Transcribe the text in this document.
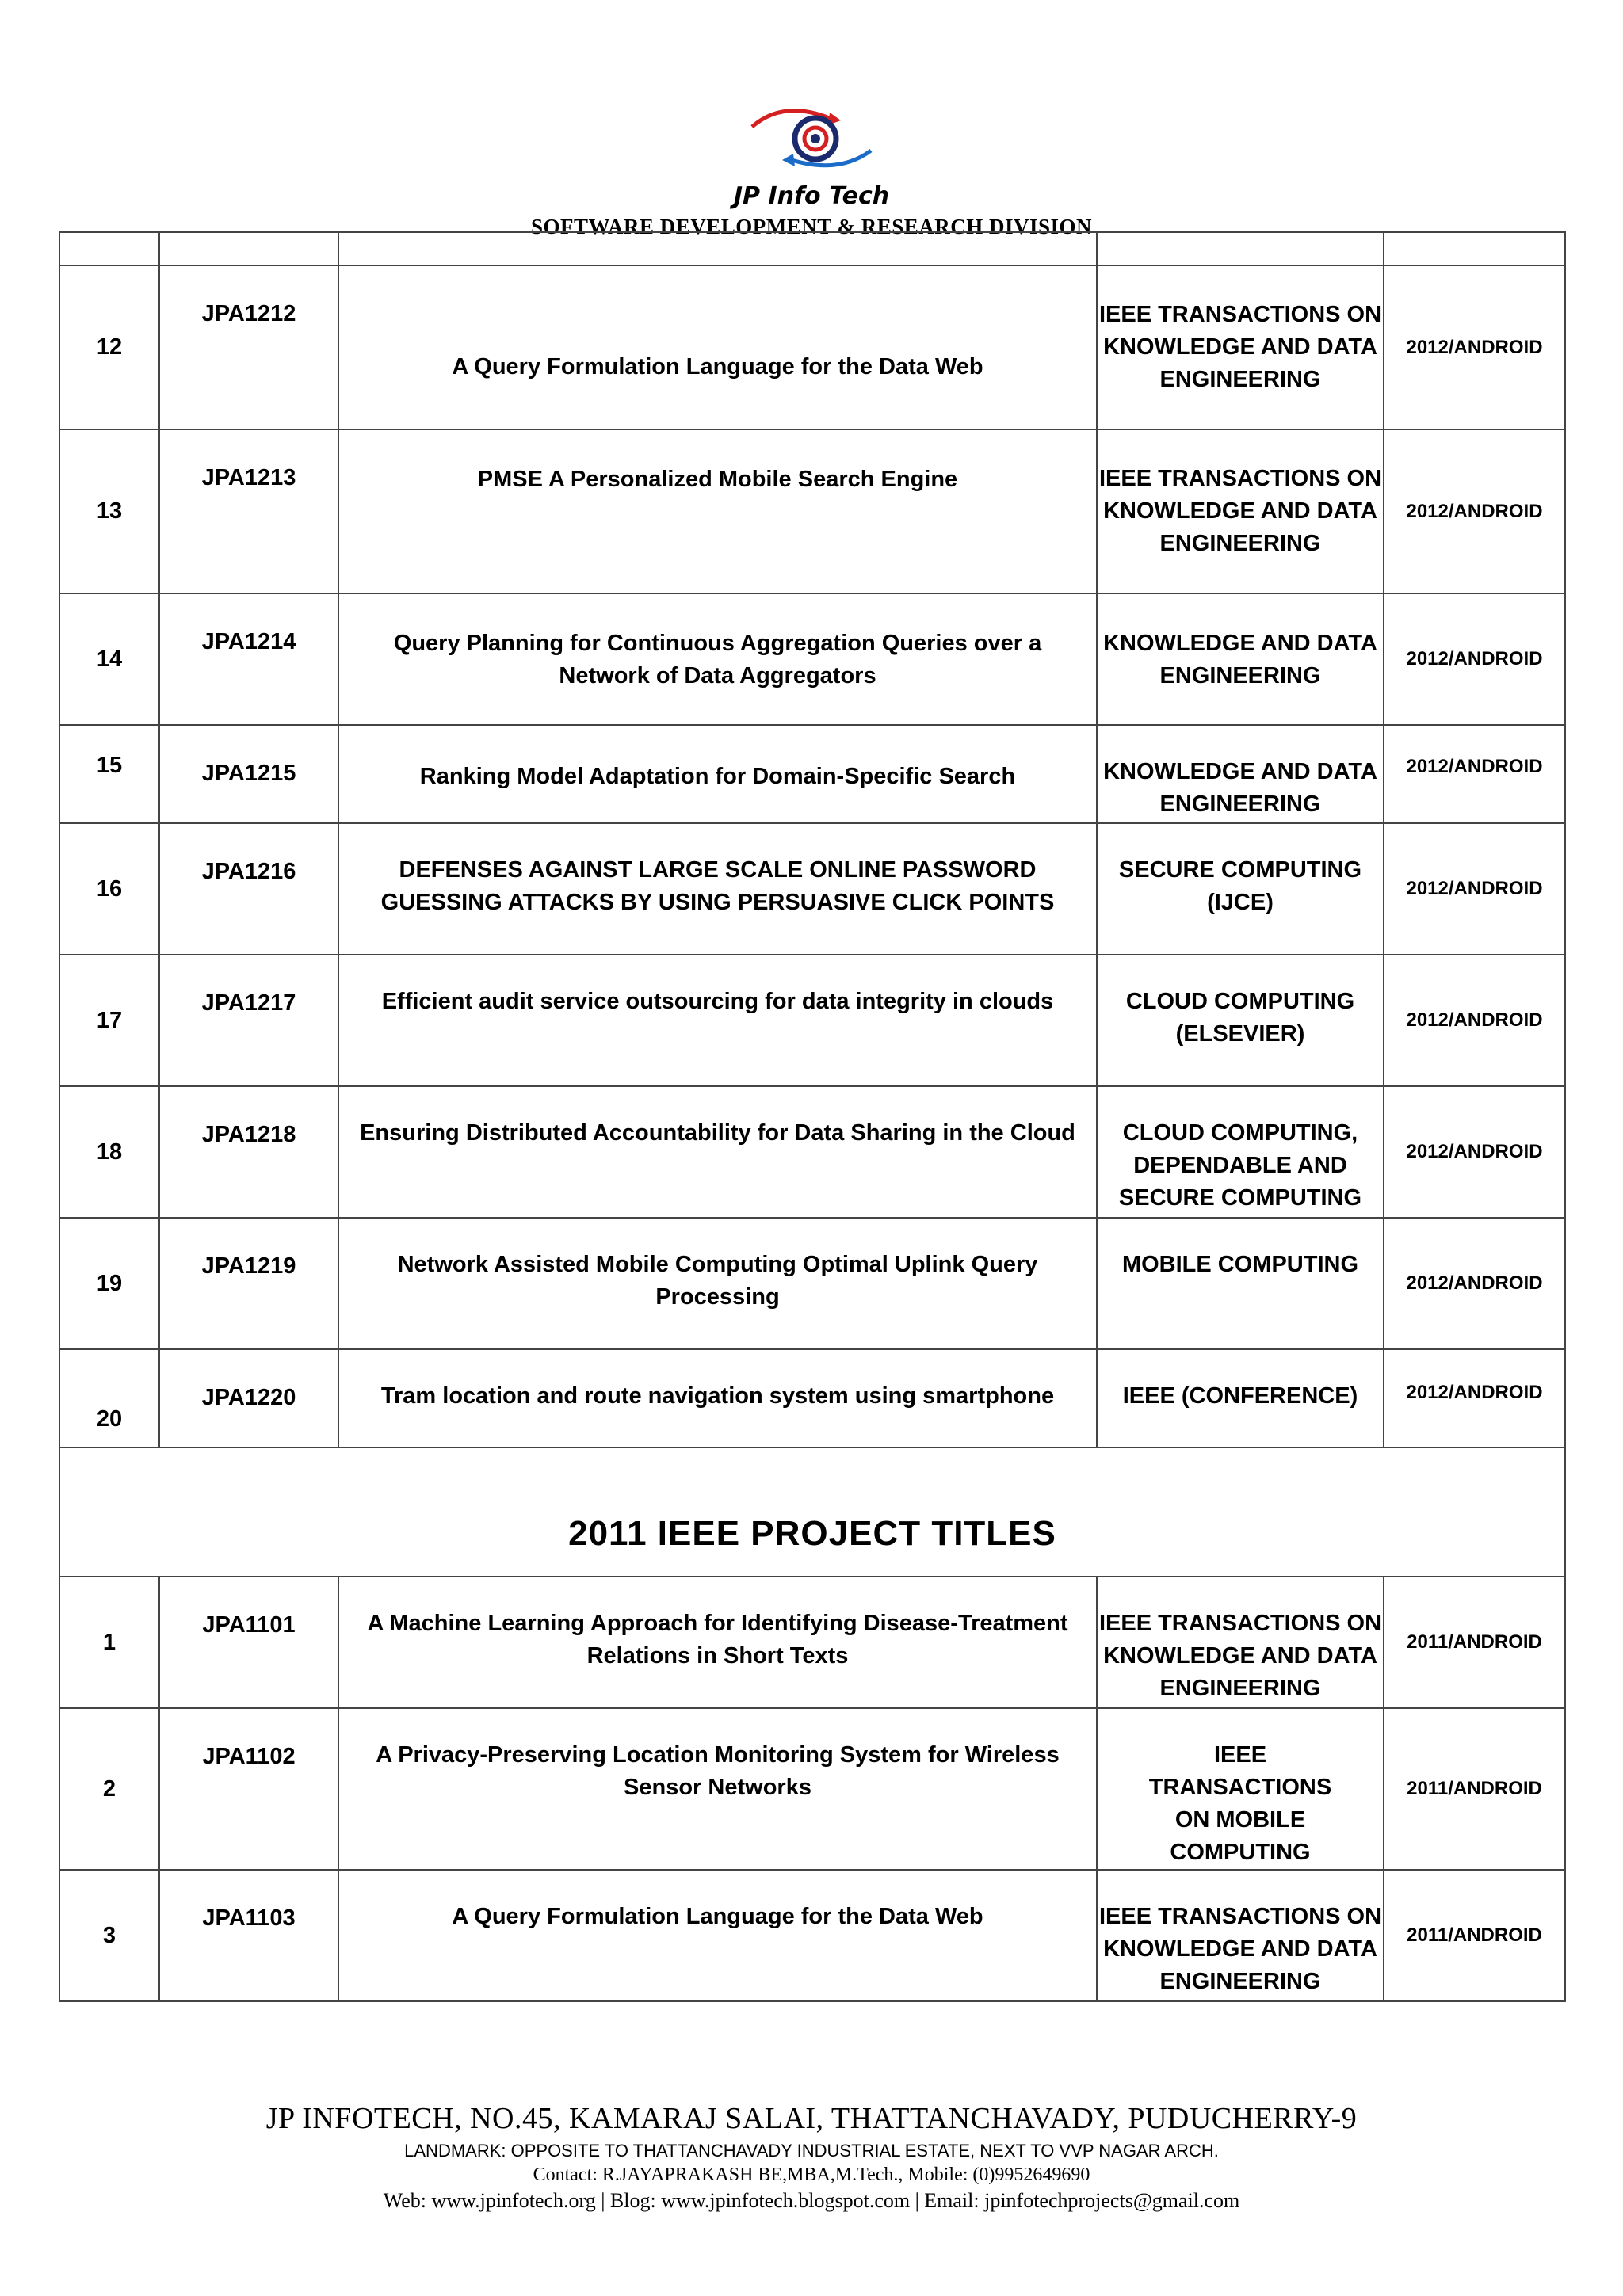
JP Info Tech
SOFTWARE DEVELOPMENT & RESEARCH DIVISION

12	JPA1212	A Query Formulation Language for the Data Web	IEEE TRANSACTIONS ON KNOWLEDGE AND DATA ENGINEERING	2012/ANDROID
13	JPA1213	PMSE A Personalized Mobile Search Engine	IEEE TRANSACTIONS ON KNOWLEDGE AND DATA ENGINEERING	2012/ANDROID
14	JPA1214	Query Planning for Continuous Aggregation Queries over a Network of Data Aggregators	KNOWLEDGE AND DATA ENGINEERING	2012/ANDROID
15	JPA1215	Ranking Model Adaptation for Domain-Specific Search	KNOWLEDGE AND DATA ENGINEERING	2012/ANDROID
16	JPA1216	DEFENSES AGAINST LARGE SCALE ONLINE PASSWORD GUESSING ATTACKS BY USING PERSUASIVE CLICK POINTS	SECURE COMPUTING (IJCE)	2012/ANDROID
17	JPA1217	Efficient audit service outsourcing for data integrity in clouds	CLOUD COMPUTING (ELSEVIER)	2012/ANDROID
18	JPA1218	Ensuring Distributed Accountability for Data Sharing in the Cloud	CLOUD COMPUTING, DEPENDABLE AND SECURE COMPUTING	2012/ANDROID
19	JPA1219	Network Assisted Mobile Computing Optimal Uplink Query Processing	MOBILE COMPUTING	2012/ANDROID
20	JPA1220	Tram location and route navigation system using smartphone	IEEE (CONFERENCE)	2012/ANDROID
2011 IEEE PROJECT TITLES				
1	JPA1101	A Machine Learning Approach for Identifying Disease-Treatment Relations in Short Texts	IEEE TRANSACTIONS ON KNOWLEDGE AND DATA ENGINEERING	2011/ANDROID
2	JPA1102	A Privacy-Preserving Location Monitoring System for Wireless Sensor Networks	IEEE TRANSACTIONS ON MOBILE COMPUTING	2011/ANDROID
3	JPA1103	A Query Formulation Language for the Data Web	IEEE TRANSACTIONS ON KNOWLEDGE AND DATA ENGINEERING	2011/ANDROID
JP INFOTECH, NO.45, KAMARAJ SALAI, THATTANCHAVADY, PUDUCHERRY-9
LANDMARK: OPPOSITE TO THATTANCHAVADY INDUSTRIAL ESTATE, NEXT TO VVP NAGAR ARCH.
Contact: R.JAYAPRAKASH BE,MBA,M.Tech., Mobile: (0)9952649690
Web: www.jpinfotech.org | Blog: www.jpinfotech.blogspot.com | Email: jpinfotechprojects@gmail.com
